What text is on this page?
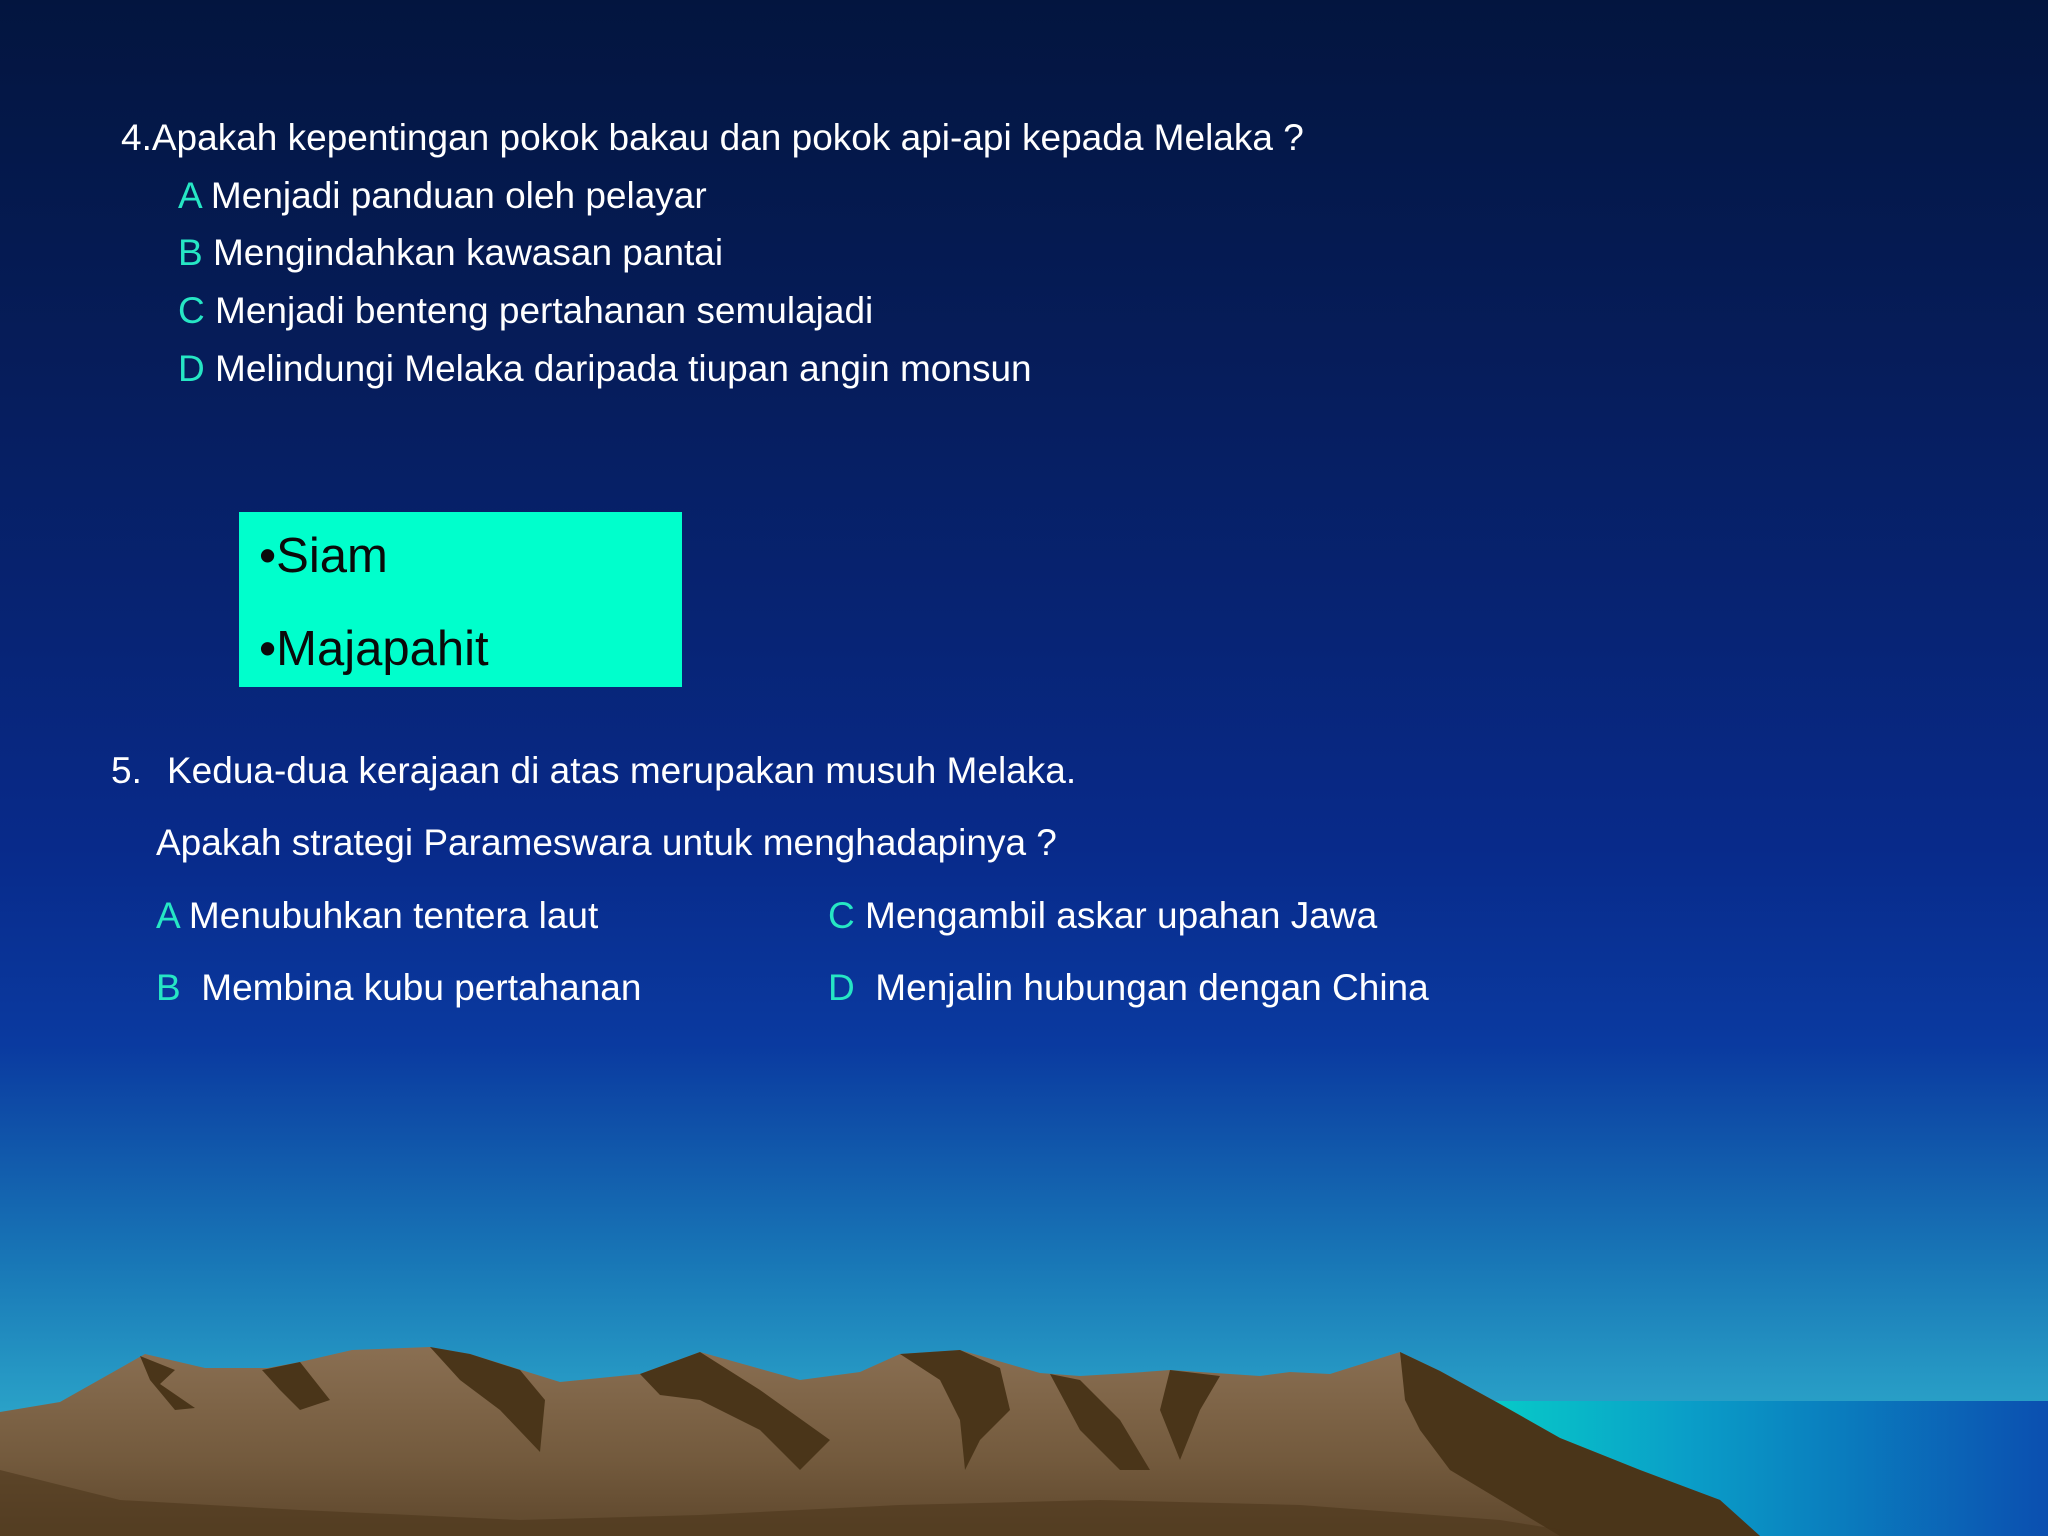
4.Apakah kepentingan pokok bakau dan pokok api-api kepada Melaka ?
A Menjadi panduan oleh pelayar
B Mengindahkan kawasan pantai
C Menjadi benteng pertahanan semulajadi
D Melindungi Melaka daripada tiupan angin monsun
•Siam
•Majapahit
5. Kedua-dua kerajaan di atas merupakan musuh Melaka.
Apakah strategi Parameswara untuk menghadapinya ?
A Menubuhkan tentera laut
B Membina kubu pertahanan
C Mengambil askar upahan Jawa
D Menjalin hubungan dengan China
